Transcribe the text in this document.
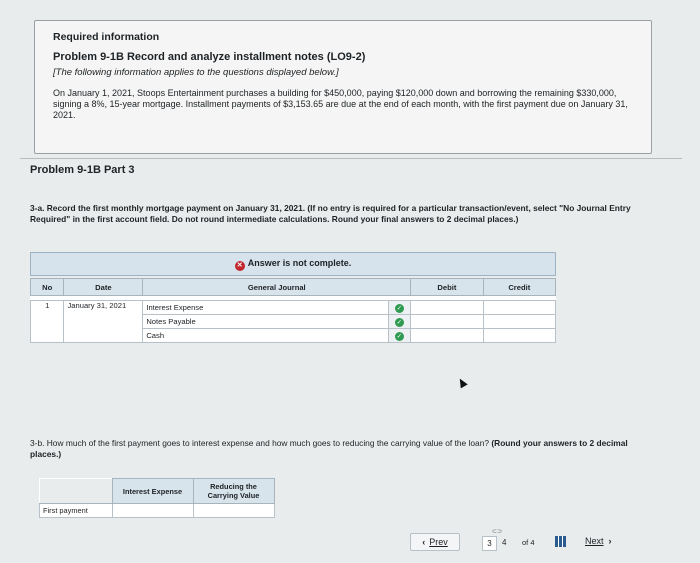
Required information
Problem 9-1B Record and analyze installment notes (LO9-2)
[The following information applies to the questions displayed below.]
On January 1, 2021, Stoops Entertainment purchases a building for $450,000, paying $120,000 down and borrowing the remaining $330,000, signing a 8%, 15-year mortgage. Installment payments of $3,153.65 are due at the end of each month, with the first payment due on January 31, 2021.
Problem 9-1B Part 3
3-a. Record the first monthly mortgage payment on January 31, 2021. (If no entry is required for a particular transaction/event, select "No Journal Entry Required" in the first account field. Do not round intermediate calculations. Round your final answers to 2 decimal places.)
✕ Answer is not complete.
No	Date	General Journal		Debit	Credit

1	January 31, 2021	Interest Expense	✓		
		Notes Payable	✓		
		Cash	✓		
3-b. How much of the first payment goes to interest expense and how much goes to reducing the carrying value of the loan? (Round your answers to 2 decimal places.)
	Interest Expense	Reducing the Carrying Value
First payment		
‹ Prev
⊂⊃
3	4 of 4	Next ›
